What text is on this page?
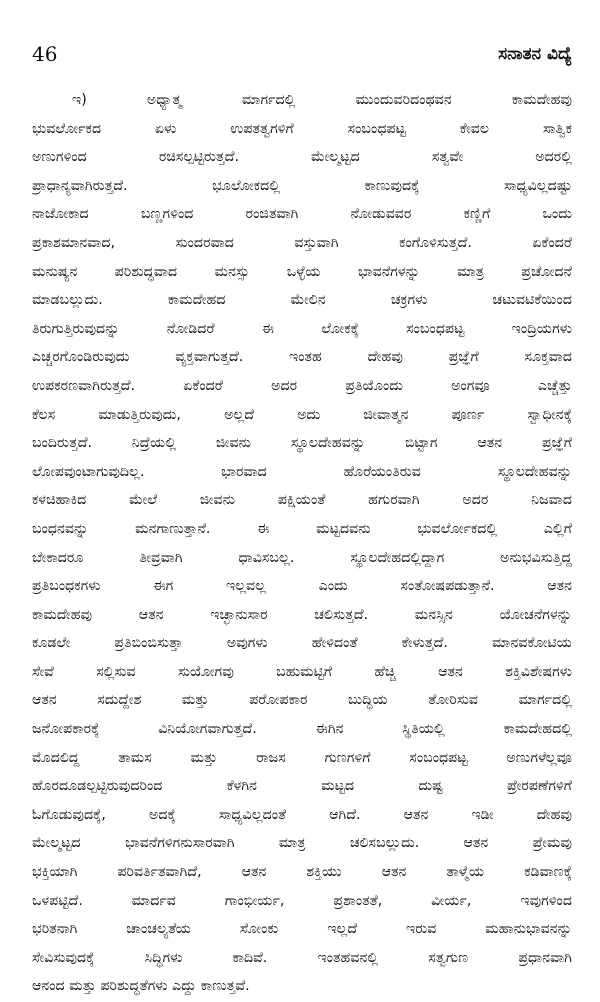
46	ಸನಾತನ ವಿದ್ಯೆ
ಇ) ಅಧ್ಯಾತ್ಮ ಮಾರ್ಗದಲ್ಲಿ ಮುಂದುವರಿದಂಥವನ ಕಾಮದೇಹವು
ಭುವರ್ಲೋಕದ ಏಳು ಉಪತತ್ವಗಳಿಗೆ ಸಂಬಂಧಪಟ್ಟ ಕೇವಲ ಸಾತ್ವಿಕ
ಅಣುಗಳಿಂದ ರಚಿಸಲ್ಪಟ್ಟಿರುತ್ತದೆ. ಮೇಲ್ಮಟ್ಟದ ಸತ್ವವೇ ಅದರಲ್ಲಿ
ಪ್ರಾಧಾನ್ಯವಾಗಿರುತ್ತದೆ. ಭೂಲೋಕದಲ್ಲಿ ಕಾಣುವುದಕ್ಕೆ ಸಾಧ್ಯವಿಲ್ಲದಷ್ಟು
ನಾಜೋಕಾದ ಬಣ್ಣಗಳಿಂದ ರಂಜಿತವಾಗಿ ನೋಡುವವರ ಕಣ್ಣಿಗೆ ಒಂದು
ಪ್ರಕಾಶಮಾನವಾದ, ಸುಂದರವಾದ ವಸ್ತುವಾಗಿ ಕಂಗೊಳಿಸುತ್ತದೆ. ಏಕೆಂದರೆ
ಮನುಷ್ಯನ ಪರಿಶುದ್ಧವಾದ ಮನಸ್ಸು ಒಳ್ಳೆಯ ಭಾವನೆಗಳನ್ನು ಮಾತ್ರ ಪ್ರಚೋದನೆ
ಮಾಡಬಲ್ಲುದು. ಕಾಮದೇಹದ ಮೇಲಿನ ಚಕ್ರಗಳು ಚಟುವಟಿಕೆಯಿಂದ
ತಿರುಗುತ್ತಿರುವುದನ್ನು ನೋಡಿದರೆ ಈ ಲೋಕಕ್ಕೆ ಸಂಬಂಧಪಟ್ಟ ಇಂದ್ರಿಯಗಳು
ಎಚ್ಚರಗೊಂಡಿರುವುದು ವ್ಯಕ್ತವಾಗುತ್ತದೆ. ಇಂತಹ ದೇಹವು ಪ್ರಜ್ಞೆಗೆ ಸೂಕ್ತವಾದ
ಉಪಕರಣವಾಗಿರುತ್ತದೆ. ಏಕೆಂದರೆ ಅದರ ಪ್ರತಿಯೊಂದು ಅಂಗವೂ ಎಚ್ಚೆತ್ತು
ಕೆಲಸ ಮಾಡುತ್ತಿರುವುದು, ಅಲ್ಲದೆ ಅದು ಜೀವಾತ್ಮನ ಪೂರ್ಣ ಸ್ವಾಧೀನಕ್ಕೆ
ಬಂದಿರುತ್ತದೆ. ನಿದ್ರೆಯಲ್ಲಿ ಜೀವನು ಸ್ಥೂಲದೇಹವನ್ನು ಬಿಟ್ಟಾಗ ಆತನ ಪ್ರಜ್ಞೆಗೆ
ಲೋಪವುಂಟಾಗುವುದಿಲ್ಲ. ಭಾರವಾದ ಹೊರೆಯಂತಿರುವ ಸ್ಥೂಲದೇಹವನ್ನು
ಕಳಚಿಹಾಕಿದ ಮೇಲೆ ಜೀವನು ಪಕ್ಷಿಯಂತೆ ಹಗುರವಾಗಿ ಅದರ ನಿಜವಾದ
ಬಂಧನವನ್ನು ಮನಗಾಣುತ್ತಾನೆ. ಈ ಮಟ್ಟದವನು ಭುವರ್ಲೋಕದಲ್ಲಿ ಎಲ್ಲಿಗೆ
ಬೇಕಾದರೂ ತೀವ್ರವಾಗಿ ಧಾವಿಸಬಲ್ಲ. ಸ್ಥೂಲದೇಹದಲ್ಲಿದ್ದಾಗ ಅನುಭವಿಸುತ್ತಿದ್ದ
ಪ್ರತಿಬಂಧಕಗಳು ಈಗ ಇಲ್ಲವಲ್ಲ ಎಂದು ಸಂತೋಷಪಡುತ್ತಾನೆ. ಆತನ
ಕಾಮದೇಹವು ಆತನ ಇಚ್ಛಾನುಸಾರ ಚಲಿಸುತ್ತದೆ. ಮನಸ್ಸಿನ ಯೋಚನೆಗಳನ್ನು
ಕೂಡಲೇ ಪ್ರತಿಬಿಂಬಿಸುತ್ತಾ ಅವುಗಳು ಹೇಳಿದಂತೆ ಕೇಳುತ್ತದೆ. ಮಾನವಕೋಟಿಯ
ಸೇವೆ ಸಲ್ಲಿಸುವ ಸುಯೋಗವು ಬಹುಮಟ್ಟಿಗೆ ಹೆಚ್ಚಿ ಆತನ ಶಕ್ತಿವಿಶೇಷಗಳು
ಆತನ ಸದುದ್ದೇಶ ಮತ್ತು ಪರೋಪಕಾರ ಬುದ್ಧಿಯ ತೋರಿಸುವ ಮಾರ್ಗದಲ್ಲಿ
ಜನೋಪಕಾರಕ್ಕೆ ವಿನಿಯೋಗವಾಗುತ್ತದೆ. ಈಗಿನ ಸ್ಥಿತಿಯಲ್ಲಿ ಕಾಮದೇಹದಲ್ಲಿ
ಮೊದಲಿದ್ದ ತಾಮಸ ಮತ್ತು ರಾಜಸ ಗುಣಗಳಿಗೆ ಸಂಬಂಧಪಟ್ಟ ಅಣುಗಳೆಲ್ಲವೂ
ಹೊರದೂಡಲ್ಪಟ್ಟಿರುವುದರಿಂದ ಕೆಳಗಿನ ಮಟ್ಟದ ದುಷ್ಟ ಪ್ರೇರಪಣೆಗಳಿಗೆ
ಓಗೊಡುವುದಕ್ಕೆ, ಅದಕ್ಕೆ ಸಾಧ್ಯವಿಲ್ಲದಂತೆ ಆಗಿದೆ. ಆತನ ಇಡೀ ದೇಹವು
ಮೇಲ್ಮಟ್ಟದ ಭಾವನೆಗಳಿಗನುಸಾರವಾಗಿ ಮಾತ್ರ ಚಲಿಸಬಲ್ಲುದು. ಆತನ ಪ್ರೇಮವು
ಭಕ್ತಿಯಾಗಿ ಪರಿವರ್ತಿತವಾಗಿದೆ, ಆತನ ಶಕ್ತಿಯು ಆತನ ತಾಳ್ಮೆಯ ಕಡಿವಾಣಕ್ಕೆ
ಒಳಪಟ್ಟಿದೆ. ಮಾರ್ದವ ಗಾಂಭೀರ್ಯ, ಪ್ರಶಾಂತತೆ, ವೀರ್ಯ, ಇವುಗಳಿಂದ
ಭರಿತನಾಗಿ ಚಾಂಚಲ್ಯತೆಯ ಸೋಂಕು ಇಲ್ಲದೆ ಇರುವ ಮಹಾನುಭಾವನನ್ನು
ಸೇವಿಸುವುದಕ್ಕೆ ಸಿದ್ಧಿಗಳು ಕಾದಿವೆ. ಇಂತಹವನಲ್ಲಿ ಸತ್ವಗುಣ ಪ್ರಧಾನವಾಗಿ
ಆನಂದ ಮತ್ತು ಪರಿಶುದ್ಧತೆಗಳು ಎದ್ದು ಕಾಣುತ್ತವೆ.
